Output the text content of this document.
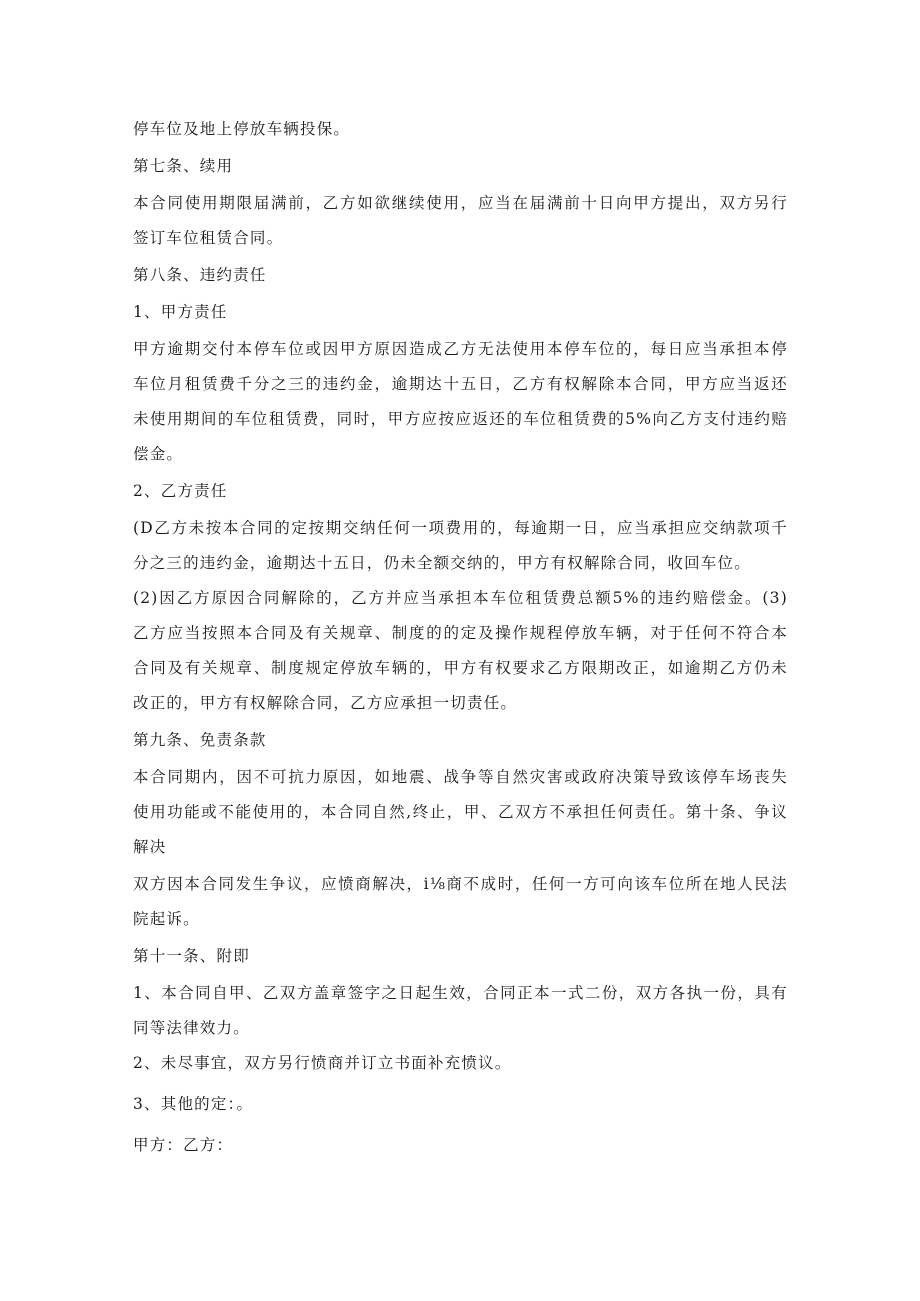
停车位及地上停放车辆投保。

第七条、续用

本合同使用期限届满前，乙方如欲继续使用，应当在届满前十日向甲方提出，双方另行
签订车位租赁合同。

第八条、违约责任

1、甲方责任

甲方逾期交付本停车位或因甲方原因造成乙方无法使用本停车位的，每日应当承担本停
车位月租赁费千分之三的违约金，逾期达十五日，乙方有权解除本合同，甲方应当返还
未使用期间的车位租赁费，同时，甲方应按应返还的车位租赁费的5%向乙方支付违约赔
偿金。

2、乙方责任

(D乙方未按本合同的定按期交纳任何一项费用的，每逾期一日，应当承担应交纳款项千
分之三的违约金，逾期达十五日，仍未全额交纳的，甲方有权解除合同，收回车位。
(2)因乙方原因合同解除的，乙方并应当承担本车位租赁费总额5%的违约赔偿金。(3)
乙方应当按照本合同及有关规章、制度的的定及操作规程停放车辆，对于任何不符合本
合同及有关规章、制度规定停放车辆的，甲方有权要求乙方限期改正，如逾期乙方仍未
改正的，甲方有权解除合同，乙方应承担一切责任。

第九条、免责条款

本合同期内，因不可抗力原因，如地震、战争等自然灾害或政府决策导致该停车场丧失
使用功能或不能使用的，本合同自然,终止，甲、乙双方不承担任何责任。第十条、争议
解决

双方因本合同发生争议，应愤商解决，i⅛商不成时，任何一方可向该车位所在地人民法
院起诉。

第十一条、附即

1、本合同自甲、乙双方盖章签字之日起生效，合同正本一式二份，双方各执一份，具有
同等法律效力。

2、未尽事宜，双方另行愤商并订立书面补充愤议。

3、其他的定：。

甲方：乙方：
